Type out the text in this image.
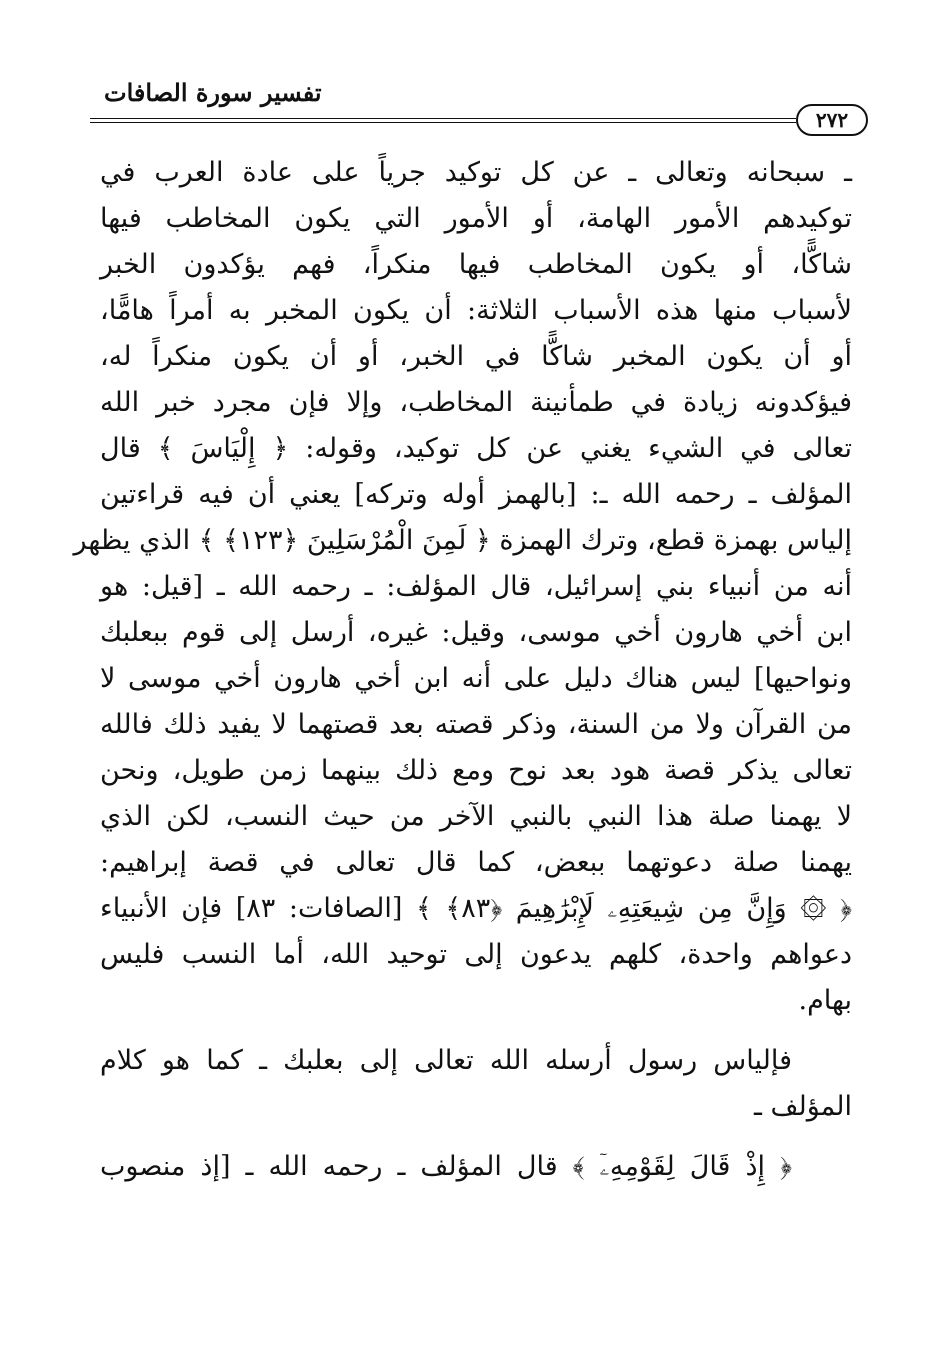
تفسير سورة الصافات
٢٧٢
ـ سبحانه وتعالى ـ عن كل توكيد جرياً على عادة العرب في
توكيدهم الأمور الهامة، أو الأمور التي يكون المخاطب فيها
شاكًّا، أو يكون المخاطب فيها منكراً، فهم يؤكدون الخبر
لأسباب منها هذه الأسباب الثلاثة: أن يكون المخبر به أمراً هامًّا،
أو أن يكون المخبر شاكًّا في الخبر، أو أن يكون منكراً له،
فيؤكدونه زيادة في طمأنينة المخاطب، وإلا فإن مجرد خبر الله
تعالى في الشيء يغني عن كل توكيد، وقوله: ﴿ إِلْيَاسَ ﴾ قال
المؤلف ـ رحمه الله ـ: [بالهمز أوله وتركه] يعني أن فيه قراءتين
إلياس بهمزة قطع، وترك الهمزة ﴿ لَمِنَ الْمُرْسَلِينَ ﴿١٢٣﴾ ﴾ الذي يظهر
أنه من أنبياء بني إسرائيل، قال المؤلف: ـ رحمه الله ـ [قيل: هو
ابن أخي هارون أخي موسى، وقيل: غيره، أرسل إلى قوم ببعلبك
ونواحيها] ليس هناك دليل على أنه ابن أخي هارون أخي موسى لا
من القرآن ولا من السنة، وذكر قصته بعد قصتهما لا يفيد ذلك فالله
تعالى يذكر قصة هود بعد نوح ومع ذلك بينهما زمن طويل، ونحن
لا يهمنا صلة هذا النبي بالنبي الآخر من حيث النسب، لكن الذي
يهمنا صلة دعوتهما ببعض، كما قال تعالى في قصة إبراهيم:
﴿ ۞ وَإِنَّ مِن شِيعَتِهِۦ لَإِبْرَٰهِيمَ ﴿٨٣﴾ ﴾ [الصافات: ٨٣] فإن الأنبياء
دعواهم واحدة، كلهم يدعون إلى توحيد الله، أما النسب فليس
بهام.
فإلياس رسول أرسله الله تعالى إلى بعلبك ـ كما هو كلام
المؤلف ـ
﴿ إِذْ قَالَ لِقَوْمِهِۦٓ ﴾ قال المؤلف ـ رحمه الله ـ [إذ منصوب
